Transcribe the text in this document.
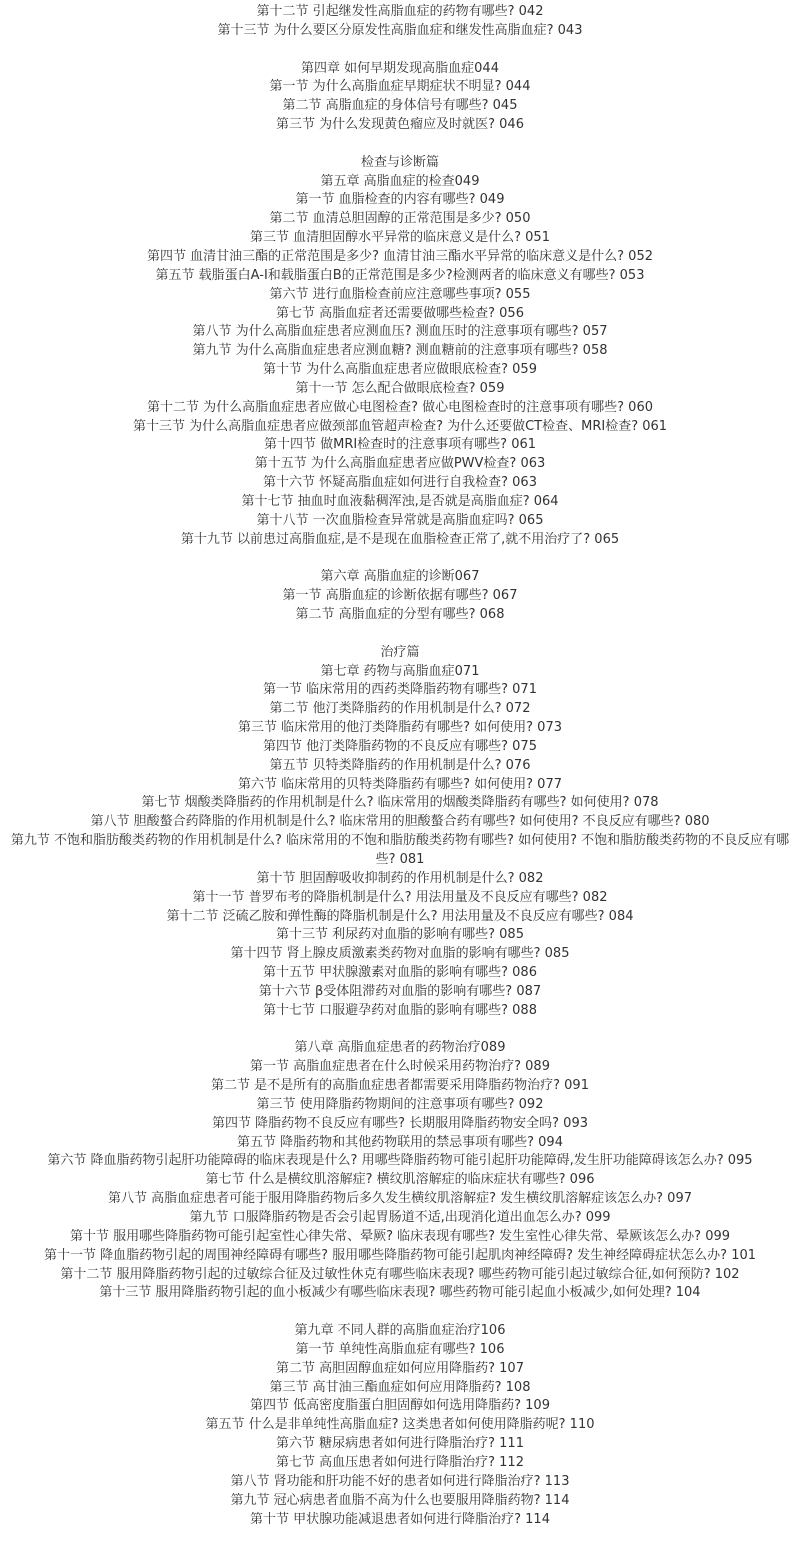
第十二节 引起继发性高脂血症的药物有哪些? 042
第十三节 为什么要区分原发性高脂血症和继发性高脂血症? 043
第四章 如何早期发现高脂血症044
第一节 为什么高脂血症早期症状不明显? 044
第二节 高脂血症的身体信号有哪些? 045
第三节 为什么发现黄色瘤应及时就医? 046
检查与诊断篇
第五章 高脂血症的检查049
第一节 血脂检查的内容有哪些? 049
第二节 血清总胆固醇的正常范围是多少? 050
第三节 血清胆固醇水平异常的临床意义是什么? 051
第四节 血清甘油三酯的正常范围是多少? 血清甘油三酯水平异常的临床意义是什么? 052
第五节 载脂蛋白A-I和载脂蛋白B的正常范围是多少?检测两者的临床意义有哪些? 053
第六节 进行血脂检查前应注意哪些事项? 055
第七节 高脂血症者还需要做哪些检查? 056
第八节 为什么高脂血症患者应测血压? 测血压时的注意事项有哪些? 057
第九节 为什么高脂血症患者应测血糖? 测血糖前的注意事项有哪些? 058
第十节 为什么高脂血症患者应做眼底检查? 059
第十一节 怎么配合做眼底检查? 059
第十二节 为什么高脂血症患者应做心电图检查? 做心电图检查时的注意事项有哪些? 060
第十三节 为什么高脂血症患者应做颈部血管超声检查? 为什么还要做CT检查、MRI检查? 061
第十四节 做MRI检查时的注意事项有哪些? 061
第十五节 为什么高脂血症患者应做PWV检查? 063
第十六节 怀疑高脂血症如何进行自我检查? 063
第十七节 抽血时血液黏稠浑浊,是否就是高脂血症? 064
第十八节 一次血脂检查异常就是高脂血症吗? 065
第十九节 以前患过高脂血症,是不是现在血脂检查正常了,就不用治疗了? 065
第六章 高脂血症的诊断067
第一节 高脂血症的诊断依据有哪些? 067
第二节 高脂血症的分型有哪些? 068
治疗篇
第七章 药物与高脂血症071
第一节 临床常用的西药类降脂药物有哪些? 071
第二节 他汀类降脂药的作用机制是什么? 072
第三节 临床常用的他汀类降脂药有哪些? 如何使用? 073
第四节 他汀类降脂药物的不良反应有哪些? 075
第五节 贝特类降脂药的作用机制是什么? 076
第六节 临床常用的贝特类降脂药有哪些? 如何使用? 077
第七节 烟酸类降脂药的作用机制是什么? 临床常用的烟酸类降脂药有哪些? 如何使用? 078
第八节 胆酸螯合药降脂的作用机制是什么? 临床常用的胆酸螯合药有哪些? 如何使用? 不良反应有哪些? 080
第九节 不饱和脂肪酸类药物的作用机制是什么? 临床常用的不饱和脂肪酸类药物有哪些? 如何使用? 不饱和脂肪酸类药物的不良反应有哪些? 081
第十节 胆固醇吸收抑制药的作用机制是什么? 082
第十一节 普罗布考的降脂机制是什么? 用法用量及不良反应有哪些? 082
第十二节 泛硫乙胺和弹性酶的降脂机制是什么? 用法用量及不良反应有哪些? 084
第十三节 利尿药对血脂的影响有哪些? 085
第十四节 肾上腺皮质激素类药物对血脂的影响有哪些? 085
第十五节 甲状腺激素对血脂的影响有哪些? 086
第十六节 β受体阻滞药对血脂的影响有哪些? 087
第十七节 口服避孕药对血脂的影响有哪些? 088
第八章 高脂血症患者的药物治疗089
第一节 高脂血症患者在什么时候采用药物治疗? 089
第二节 是不是所有的高脂血症患者都需要采用降脂药物治疗? 091
第三节 使用降脂药物期间的注意事项有哪些? 092
第四节 降脂药物不良反应有哪些? 长期服用降脂药物安全吗? 093
第五节 降脂药物和其他药物联用的禁忌事项有哪些? 094
第六节 降血脂药物引起肝功能障碍的临床表现是什么? 用哪些降脂药物可能引起肝功能障碍,发生肝功能障碍该怎么办? 095
第七节 什么是横纹肌溶解症? 横纹肌溶解症的临床症状有哪些? 096
第八节 高脂血症患者可能于服用降脂药物后多久发生横纹肌溶解症? 发生横纹肌溶解症该怎么办? 097
第九节 口服降脂药物是否会引起胃肠道不适,出现消化道出血怎么办? 099
第十节 服用哪些降脂药物可能引起室性心律失常、晕厥? 临床表现有哪些? 发生室性心律失常、晕厥该怎么办? 099
第十一节 降血脂药物引起的周围神经障碍有哪些? 服用哪些降脂药物可能引起肌肉神经障碍? 发生神经障碍症状怎么办? 101
第十二节 服用降脂药物引起的过敏综合征及过敏性休克有哪些临床表现? 哪些药物可能引起过敏综合征,如何预防? 102
第十三节 服用降脂药物引起的血小板减少有哪些临床表现? 哪些药物可能引起血小板减少,如何处理? 104
第九章 不同人群的高脂血症治疗106
第一节 单纯性高脂血症有哪些? 106
第二节 高胆固醇血症如何应用降脂药? 107
第三节 高甘油三酯血症如何应用降脂药? 108
第四节 低高密度脂蛋白胆固醇如何选用降脂药? 109
第五节 什么是非单纯性高脂血症? 这类患者如何使用降脂药呢? 110
第六节 糖尿病患者如何进行降脂治疗? 111
第七节 高血压患者如何进行降脂治疗? 112
第八节 肾功能和肝功能不好的患者如何进行降脂治疗? 113
第九节 冠心病患者血脂不高为什么也要服用降脂药物? 114
第十节 甲状腺功能减退患者如何进行降脂治疗? 114
